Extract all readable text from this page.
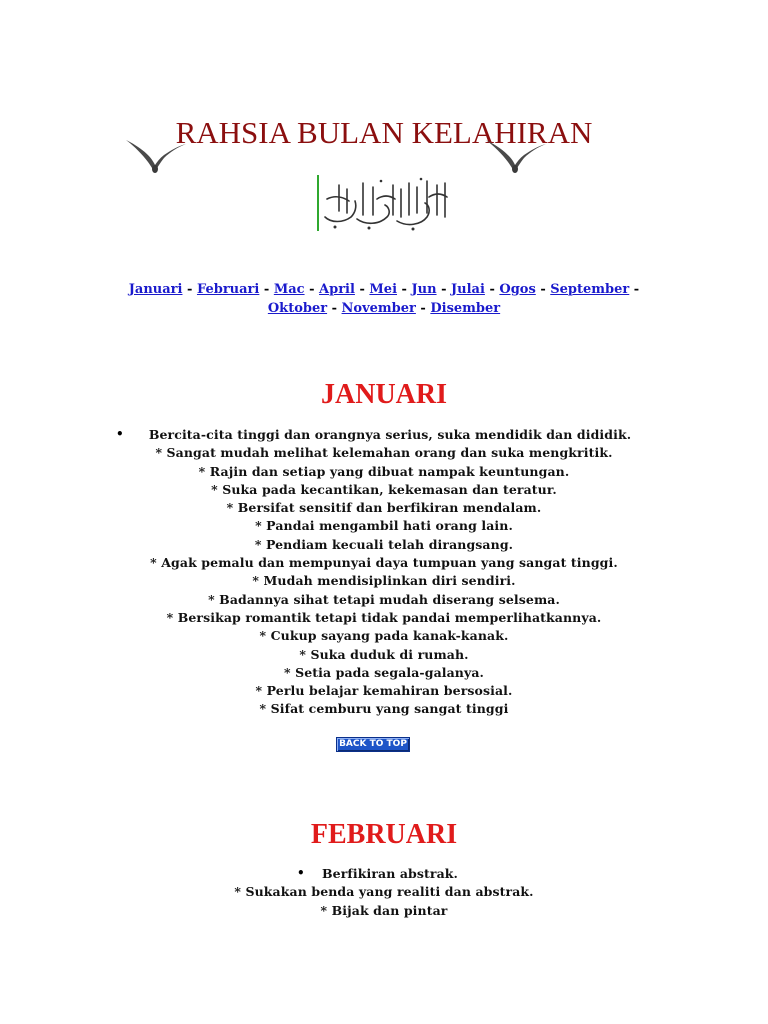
RAHSIA BULAN KELAHIRAN
Januari - Februari - Mac - April - Mei - Jun - Julai - Ogos - September -
Oktober - November - Disember
JANUARI
•	Bercita-cita tinggi dan orangnya serius, suka mendidik dan dididik.
* Sangat mudah melihat kelemahan orang dan suka mengkritik.
* Rajin dan setiap yang dibuat nampak keuntungan.
* Suka pada kecantikan, kekemasan dan teratur.
* Bersifat sensitif dan berfikiran mendalam.
* Pandai mengambil hati orang lain.
* Pendiam kecuali telah dirangsang.
* Agak pemalu dan mempunyai daya tumpuan yang sangat tinggi.
* Mudah mendisiplinkan diri sendiri.
* Badannya sihat tetapi mudah diserang selsema.
* Bersikap romantik tetapi tidak pandai memperlihatkannya.
* Cukup sayang pada kanak-kanak.
* Suka duduk di rumah.
* Setia pada segala-galanya.
* Perlu belajar kemahiran bersosial.
* Sifat cemburu yang sangat tinggi
BACK TO TOP
FEBRUARI
•	Berfikiran abstrak.
* Sukakan benda yang realiti dan abstrak.
* Bijak dan pintar
